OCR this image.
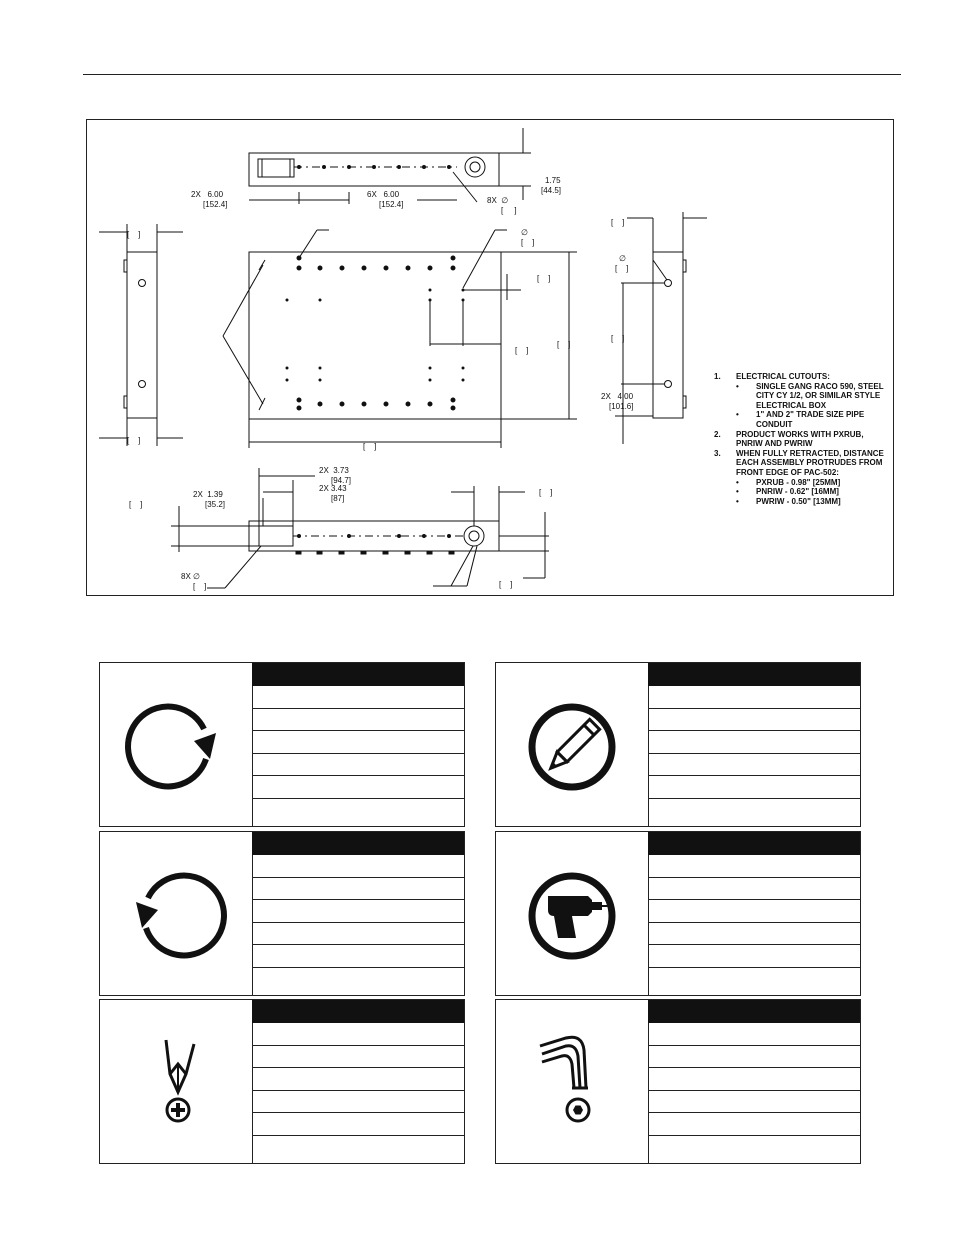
2X   6.00
[152.4]
6X   6.00
[152.4]	8X  ∅
[     ]
1.75
[44.5]
∅
[    ]
[    ]
[    ]
[    ]
[    ]
[    ]
[    ]
[    ]
∅
[    ]
[    ]
2X   4.00
[101.6]
2X  3.73
[94.7]
2X 3.43
[87]
2X  1.39
[35.2]
[    ]
[    ]
8X ∅
[    ]	[    ]
1.	ELECTRICAL CUTOUTS:
•	SINGLE GANG RACO 590, STEEL CITY CY 1/2, OR SIMILAR STYLE ELECTRICAL BOX
•	1" AND 2" TRADE SIZE PIPE CONDUIT
2.	PRODUCT WORKS WITH PXRUB, PNRIW AND PWRIW
3.	WHEN FULLY RETRACTED, DISTANCE EACH ASSEMBLY PROTRUDES FROM FRONT EDGE OF PAC-502:
•	PXRUB - 0.98" [25MM]
•	PNRIW - 0.62" [16MM]
•	PWRIW - 0.50" [13MM]
